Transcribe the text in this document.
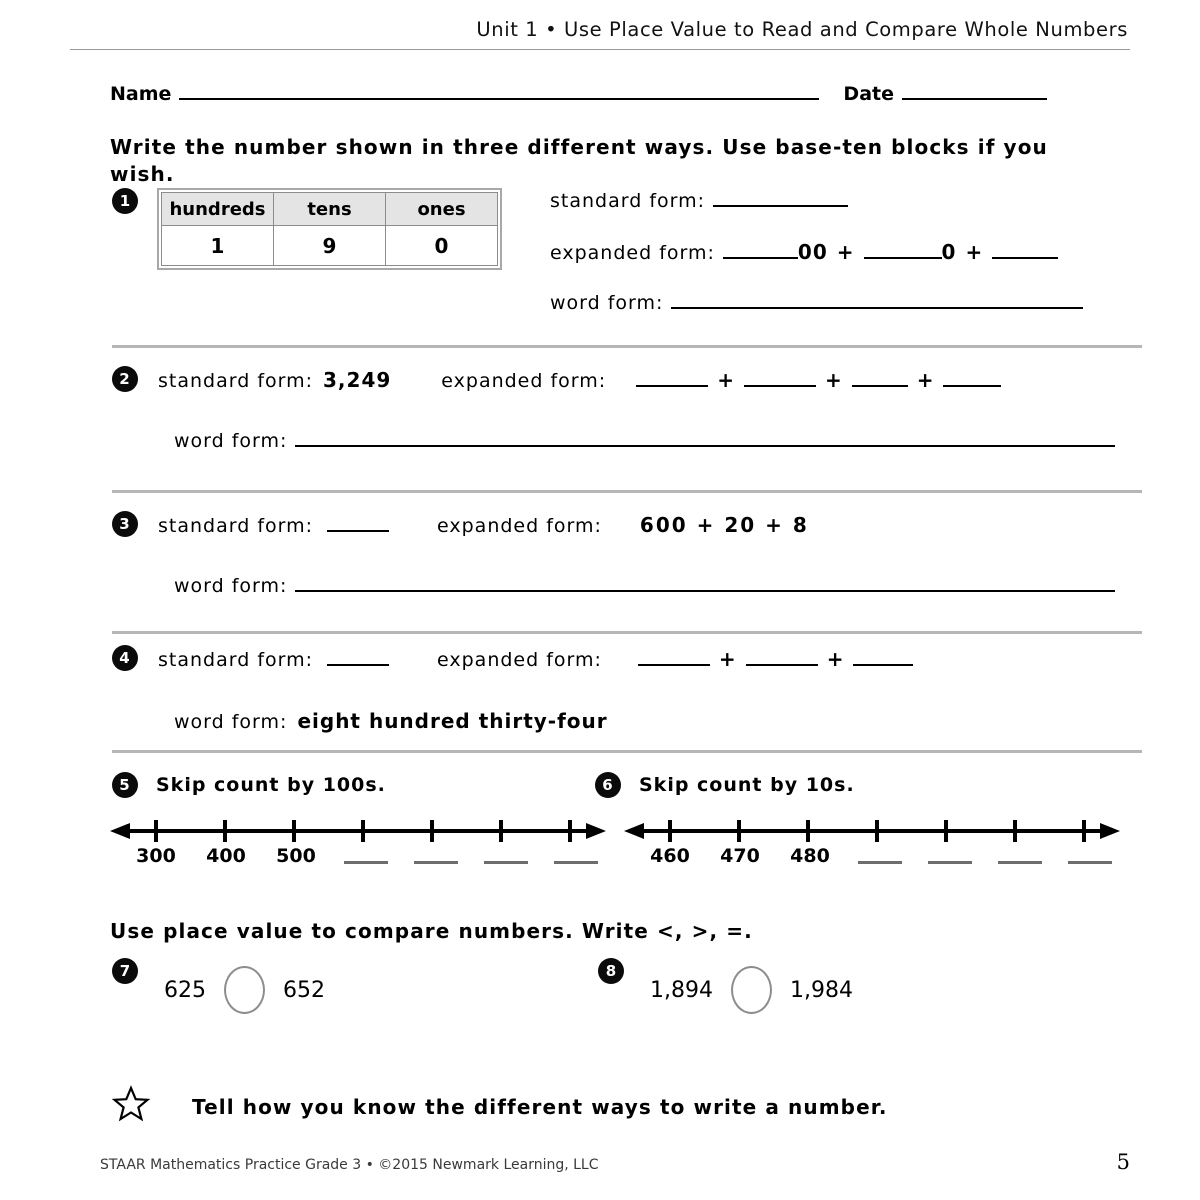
Unit 1 • Use Place Value to Read and Compare Whole Numbers
Name	Date
Write the number shown in three different ways. Use base-ten blocks if you wish.
1	hundreds	tens	ones
1	9	0
standard form:
expanded form:	00 +	0 +
word form:
2	standard form: 3,249	expanded form:	+	+	+
word form:
3	standard form:	expanded form: 600 + 20 + 8
word form:
4	standard form:	expanded form:	+	+
word form: eight hundred thirty-four
5	Skip count by 100s.
300	400	500
6	Skip count by 10s.
460	470	480
Use place value to compare numbers. Write <, >, =.
7
625	652
8
1,894	1,984
Tell how you know the different ways to write a number.
STAAR Mathematics Practice Grade 3 • ©2015 Newmark Learning, LLC	5
